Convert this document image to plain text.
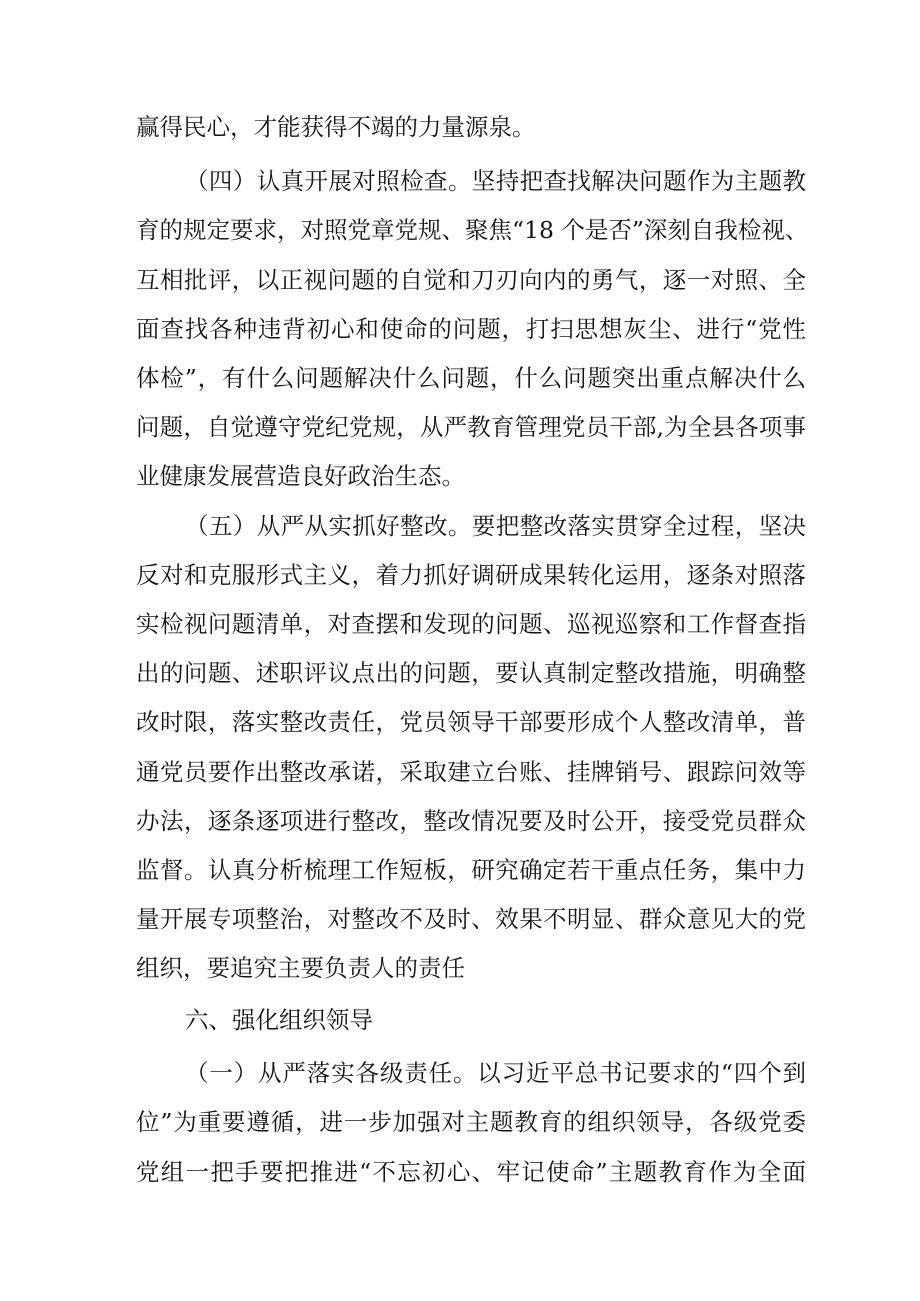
赢得民心，才能获得不竭的力量源泉。
（四）认真开展对照检查。坚持把查找解决问题作为主题教
育的规定要求，对照党章党规、聚焦“18 个是否”深刻自我检视、
互相批评，以正视问题的自觉和刀刃向内的勇气，逐一对照、全
面查找各种违背初心和使命的问题，打扫思想灰尘、进行“党性
体检”，有什么问题解决什么问题，什么问题突出重点解决什么
问题，自觉遵守党纪党规，从严教育管理党员干部,为全县各项事
业健康发展营造良好政治生态。
（五）从严从实抓好整改。要把整改落实贯穿全过程，坚决
反对和克服形式主义，着力抓好调研成果转化运用，逐条对照落
实检视问题清单，对查摆和发现的问题、巡视巡察和工作督查指
出的问题、述职评议点出的问题，要认真制定整改措施，明确整
改时限，落实整改责任，党员领导干部要形成个人整改清单，普
通党员要作出整改承诺，采取建立台账、挂牌销号、跟踪问效等
办法，逐条逐项进行整改，整改情况要及时公开，接受党员群众
监督。认真分析梳理工作短板，研究确定若干重点任务，集中力
量开展专项整治，对整改不及时、效果不明显、群众意见大的党
组织，要追究主要负责人的责任
六、强化组织领导
（一）从严落实各级责任。以习近平总书记要求的“四个到
位”为重要遵循，进一步加强对主题教育的组织领导，各级党委
党组一把手要把推进“不忘初心、牢记使命”主题教育作为全面
